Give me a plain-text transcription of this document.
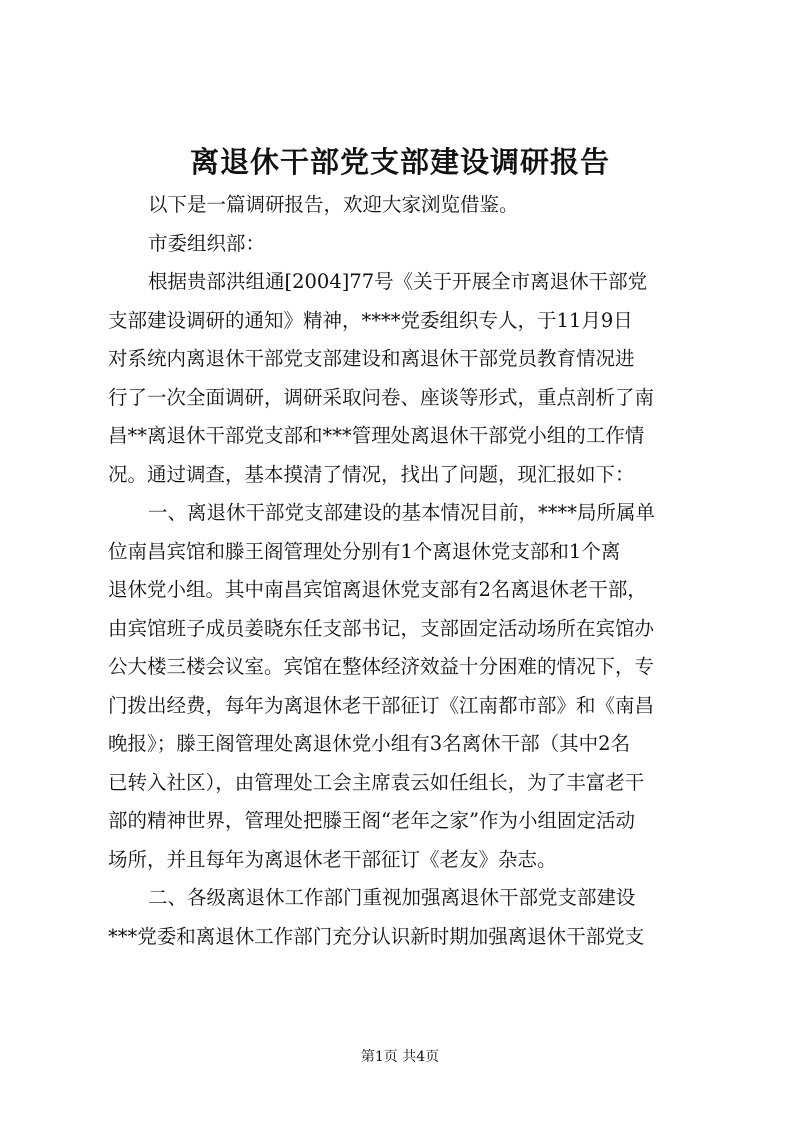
离退休干部党支部建设调研报告
以下是一篇调研报告，欢迎大家浏览借鉴。
市委组织部：
根据贵部洪组通[2004]77号《关于开展全市离退休干部党
支部建设调研的通知》精神，****党委组织专人，于11月9日
对系统内离退休干部党支部建设和离退休干部党员教育情况进
行了一次全面调研，调研采取问卷、座谈等形式，重点剖析了南
昌**离退休干部党支部和***管理处离退休干部党小组的工作情
况。通过调查，基本摸清了情况，找出了问题，现汇报如下：
一、离退休干部党支部建设的基本情况目前，****局所属单
位南昌宾馆和滕王阁管理处分别有1个离退休党支部和1个离
退休党小组。其中南昌宾馆离退休党支部有2名离退休老干部，
由宾馆班子成员姜晓东任支部书记，支部固定活动场所在宾馆办
公大楼三楼会议室。宾馆在整体经济效益十分困难的情况下，专
门拨出经费，每年为离退休老干部征订《江南都市部》和《南昌
晚报》；滕王阁管理处离退休党小组有3名离休干部（其中2名
已转入社区），由管理处工会主席袁云如任组长，为了丰富老干
部的精神世界，管理处把滕王阁“老年之家”作为小组固定活动
场所，并且每年为离退休老干部征订《老友》杂志。
二、各级离退休工作部门重视加强离退休干部党支部建设
***党委和离退休工作部门充分认识新时期加强离退休干部党支
第1页 共4页
